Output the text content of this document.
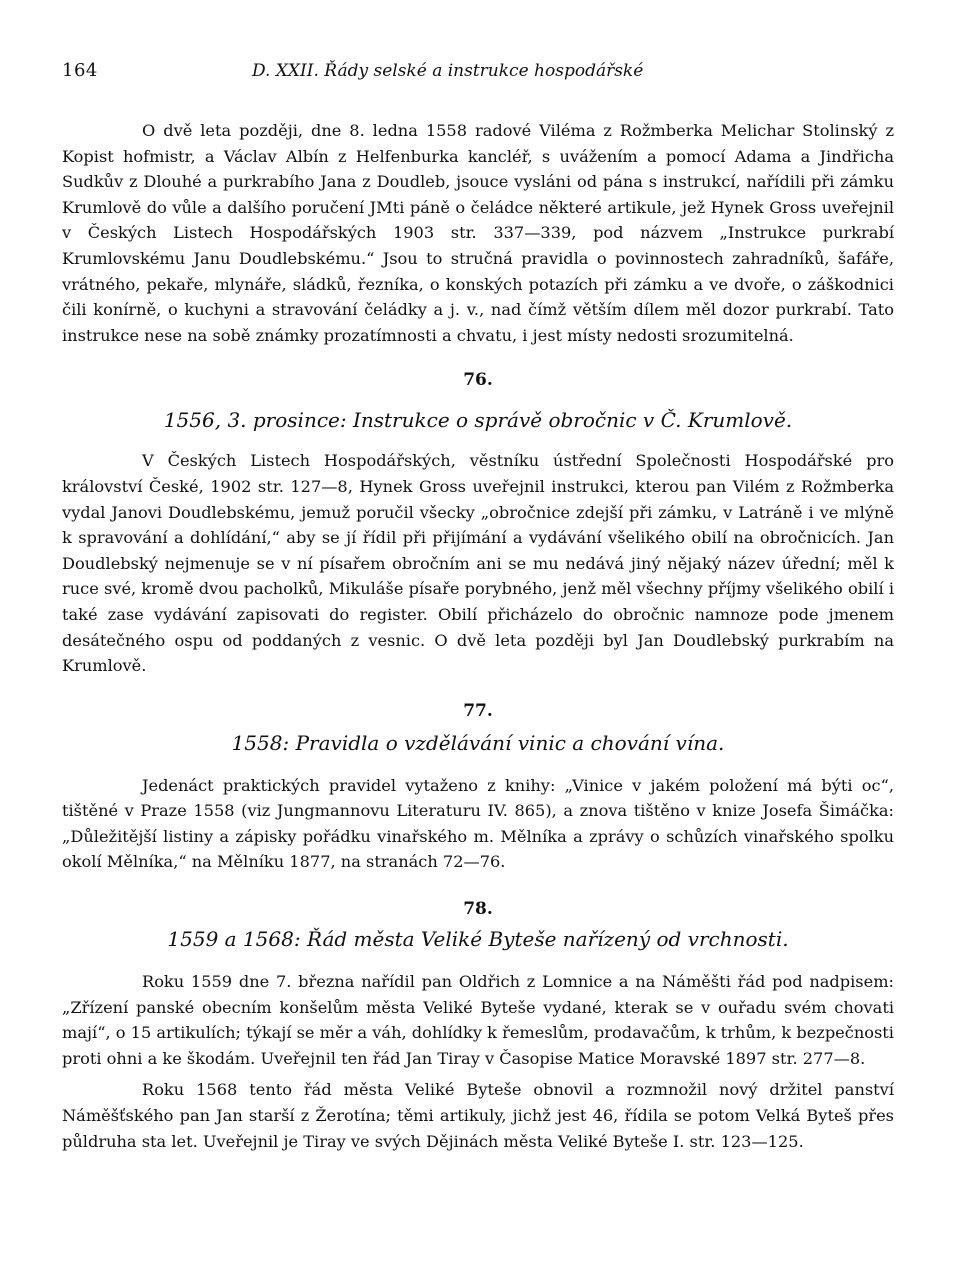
164	D. XXII. Řády selské a instrukce hospodářské

O dvě leta později, dne 8. ledna 1558 radové Viléma z Rožmberka Melichar Stolinský z Kopist hofmistr, a Václav Albín z Helfenburka kancléř, s uvážením a pomocí Adama a Jindřicha Sudkův z Dlouhé a purkrabího Jana z Doudleb, jsouce vysláni od pána s instrukcí, nařídili při zámku Krumlově do vůle a dalšího poručení JMti páně o čeládce některé artikule, jež Hynek Gross uveřejnil v Českých Listech Hospodářských 1903 str. 337—339, pod názvem „Instrukce purkrabí Krumlovskému Janu Doudlebskému.“ Jsou to stručná pravidla o povinnostech zahradníků, šafáře, vrátného, pekaře, mlynáře, sládků, řezníka, o konských potazích při zámku a ve dvoře, o záškodnici čili konírně, o kuchyni a stravování čeládky a j. v., nad čímž větším dílem měl dozor purkrabí. Tato instrukce nese na sobě známky prozatímnosti a chvatu, i jest místy nedosti srozumitelná.

76.
1556, 3. prosince: Instrukce o správě obročnic v Č. Krumlově.

V Českých Listech Hospodářských, věstníku ústřední Společnosti Hospodářské pro království České, 1902 str. 127—8, Hynek Gross uveřejnil instrukci, kterou pan Vilém z Rožmberka vydal Janovi Doudlebskému, jemuž poručil všecky „obročnice zdejší při zámku, v Latráně i ve mlýně k spravování a dohlídání,“ aby se jí řídil při přijímání a vydávání všelikého obilí na obročnicích. Jan Doudlebský nejmenuje se v ní písařem obročním ani se mu nedává jiný nějaký název úřední; měl k ruce své, kromě dvou pacholků, Mikuláše písaře porybného, jenž měl všechny příjmy všelikého obilí i také zase vydávání zapisovati do register. Obilí přicházelo do obročnic namnoze pode jmenem desátečného ospu od poddaných z vesnic. O dvě leta později byl Jan Doudlebský purkrabím na Krumlově.

77.
1558: Pravidla o vzdělávání vinic a chování vína.

Jedenáct praktických pravidel vytaženo z knihy: „Vinice v jakém položení má býti oc“, tištěné v Praze 1558 (viz Jungmannovu Literaturu IV. 865), a znova tištěno v knize Josefa Šimáčka: „Důležitější listiny a zápisky pořádku vinařského m. Mělníka a zprávy o schůzích vinařského spolku okolí Mělníka,“ na Mělníku 1877, na stranách 72—76.

78.
1559 a 1568: Řád města Veliké Byteše nařízený od vrchnosti.

Roku 1559 dne 7. března nařídil pan Oldřich z Lomnice a na Náměšti řád pod nadpisem: „Zřízení panské obecním konšelům města Veliké Byteše vydané, kterak se v ouřadu svém chovati mají“, o 15 artikulích; týkají se měr a váh, dohlídky k řemeslům, prodavačům, k trhům, k bezpečnosti proti ohni a ke škodám. Uveřejnil ten řád Jan Tiray v Časopise Matice Moravské 1897 str. 277—8.

Roku 1568 tento řád města Veliké Byteše obnovil a rozmnožil nový držitel panství Náměšťského pan Jan starší z Žerotína; těmi artikuly, jichž jest 46, řídila se potom Velká Byteš přes půldruha sta let. Uveřejnil je Tiray ve svých Dějinách města Veliké Byteše I. str. 123—125.
